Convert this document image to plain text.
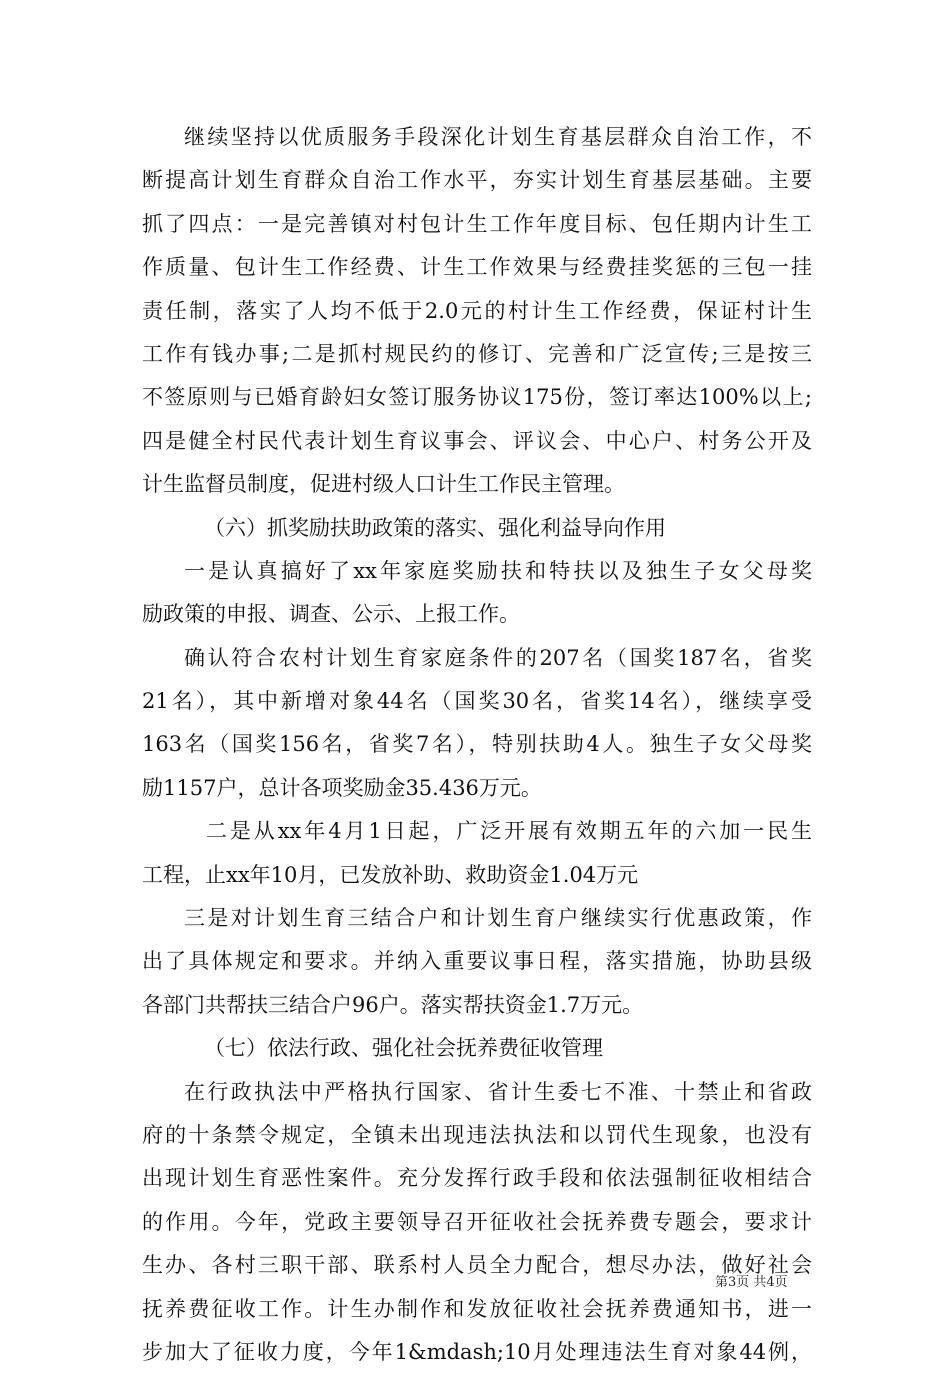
继续坚持以优质服务手段深化计划生育基层群众自治工作，不
断提高计划生育群众自治工作水平，夯实计划生育基层基础。主要
抓了四点：一是完善镇对村包计生工作年度目标、包任期内计生工
作质量、包计生工作经费、计生工作效果与经费挂奖惩的三包一挂
责任制，落实了人均不低于2.0元的村计生工作经费，保证村计生
工作有钱办事;二是抓村规民约的修订、完善和广泛宣传;三是按三
不签原则与已婚育龄妇女签订服务协议175份，签订率达100%以上;
四是健全村民代表计划生育议事会、评议会、中心户、村务公开及
计生监督员制度，促进村级人口计生工作民主管理。
（六）抓奖励扶助政策的落实、强化利益导向作用
一是认真搞好了xx年家庭奖励扶和特扶以及独生子女父母奖
励政策的申报、调查、公示、上报工作。
确认符合农村计划生育家庭条件的207名（国奖187名，省奖
21名），其中新增对象44名（国奖30名，省奖14名），继续享受
163名（国奖156名，省奖7名），特别扶助4人。独生子女父母奖
励1157户，总计各项奖励金35.436万元。
二是从xx年4月1日起，广泛开展有效期五年的六加一民生
工程，止xx年10月，已发放补助、救助资金1.04万元
三是对计划生育三结合户和计划生育户继续实行优惠政策，作
出了具体规定和要求。并纳入重要议事日程，落实措施，协助县级
各部门共帮扶三结合户96户。落实帮扶资金1.7万元。
（七）依法行政、强化社会抚养费征收管理
在行政执法中严格执行国家、省计生委七不准、十禁止和省政
府的十条禁令规定，全镇未出现违法执法和以罚代生现象，也没有
出现计划生育恶性案件。充分发挥行政手段和依法强制征收相结合
的作用。今年，党政主要领导召开征收社会抚养费专题会，要求计
生办、各村三职干部、联系村人员全力配合，想尽办法，做好社会
抚养费征收工作。计生办制作和发放征收社会抚养费通知书，进一
步加大了征收力度，今年1&mdash;10月处理违法生育对象44例，
第3页 共4页
